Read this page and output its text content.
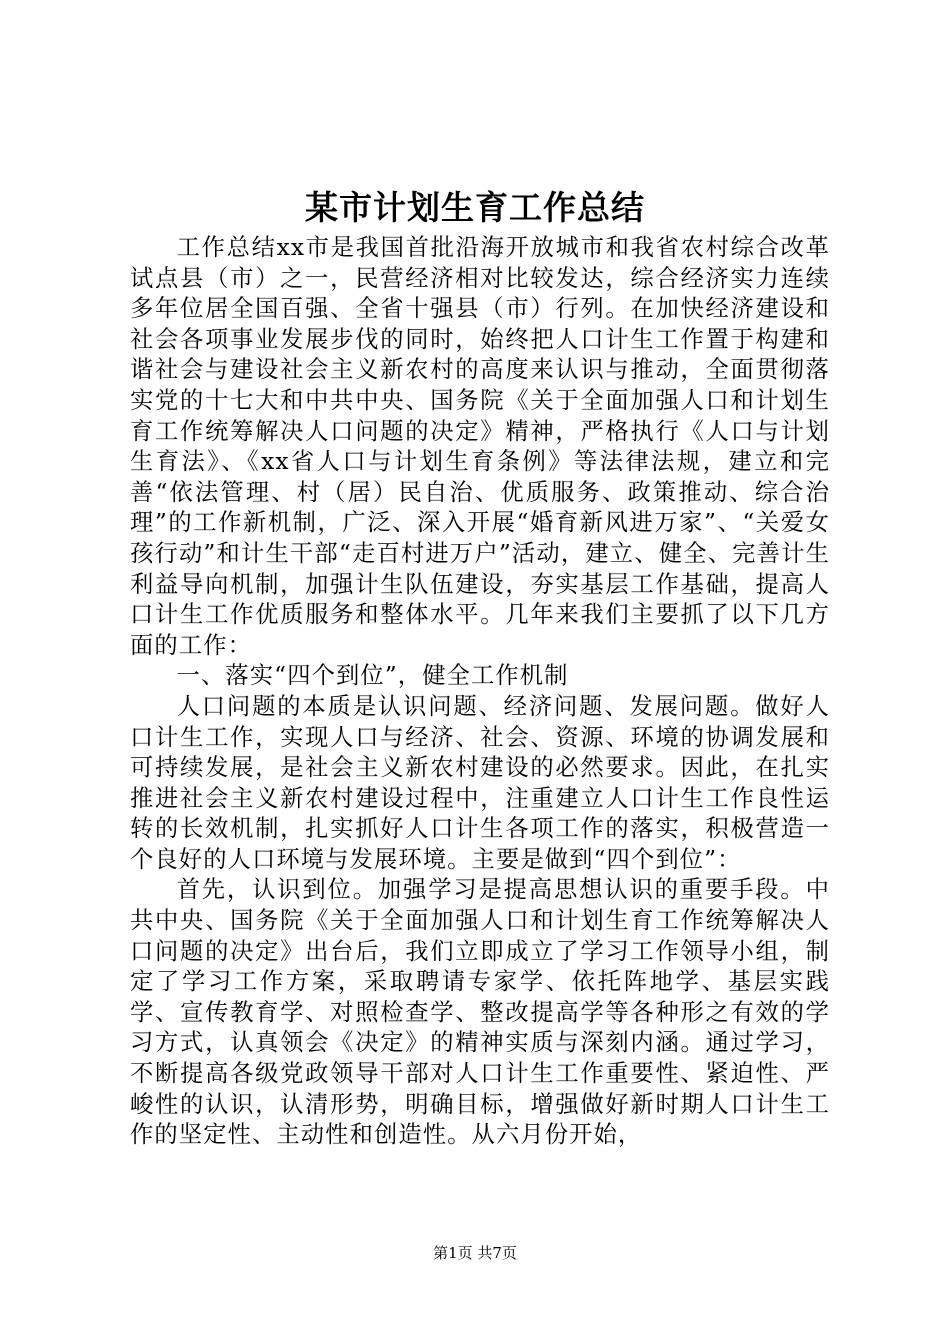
某市计划生育工作总结

工作总结xx市是我国首批沿海开放城市和我省农村综合改革试点县（市）之一，民营经济相对比较发达，综合经济实力连续多年位居全国百强、全省十强县（市）行列。在加快经济建设和社会各项事业发展步伐的同时，始终把人口计生工作置于构建和谐社会与建设社会主义新农村的高度来认识与推动，全面贯彻落实党的十七大和中共中央、国务院《关于全面加强人口和计划生育工作统筹解决人口问题的决定》精神，严格执行《人口与计划生育法》、《xx省人口与计划生育条例》等法律法规，建立和完善“依法管理、村（居）民自治、优质服务、政策推动、综合治理”的工作新机制，广泛、深入开展“婚育新风进万家”、“关爱女孩行动”和计生干部“走百村进万户”活动，建立、健全、完善计生利益导向机制，加强计生队伍建设，夯实基层工作基础，提高人口计生工作优质服务和整体水平。几年来我们主要抓了以下几方面的工作：

一、落实“四个到位”，健全工作机制

人口问题的本质是认识问题、经济问题、发展问题。做好人口计生工作，实现人口与经济、社会、资源、环境的协调发展和可持续发展，是社会主义新农村建设的必然要求。因此，在扎实推进社会主义新农村建设过程中，注重建立人口计生工作良性运转的长效机制，扎实抓好人口计生各项工作的落实，积极营造一个良好的人口环境与发展环境。主要是做到“四个到位”：

首先，认识到位。加强学习是提高思想认识的重要手段。中共中央、国务院《关于全面加强人口和计划生育工作统筹解决人口问题的决定》出台后，我们立即成立了学习工作领导小组，制定了学习工作方案，采取聘请专家学、依托阵地学、基层实践学、宣传教育学、对照检查学、整改提高学等各种形之有效的学习方式，认真领会《决定》的精神实质与深刻内涵。通过学习，不断提高各级党政领导干部对人口计生工作重要性、紧迫性、严峻性的认识，认清形势，明确目标，增强做好新时期人口计生工作的坚定性、主动性和创造性。从六月份开始，

第1页 共7页
